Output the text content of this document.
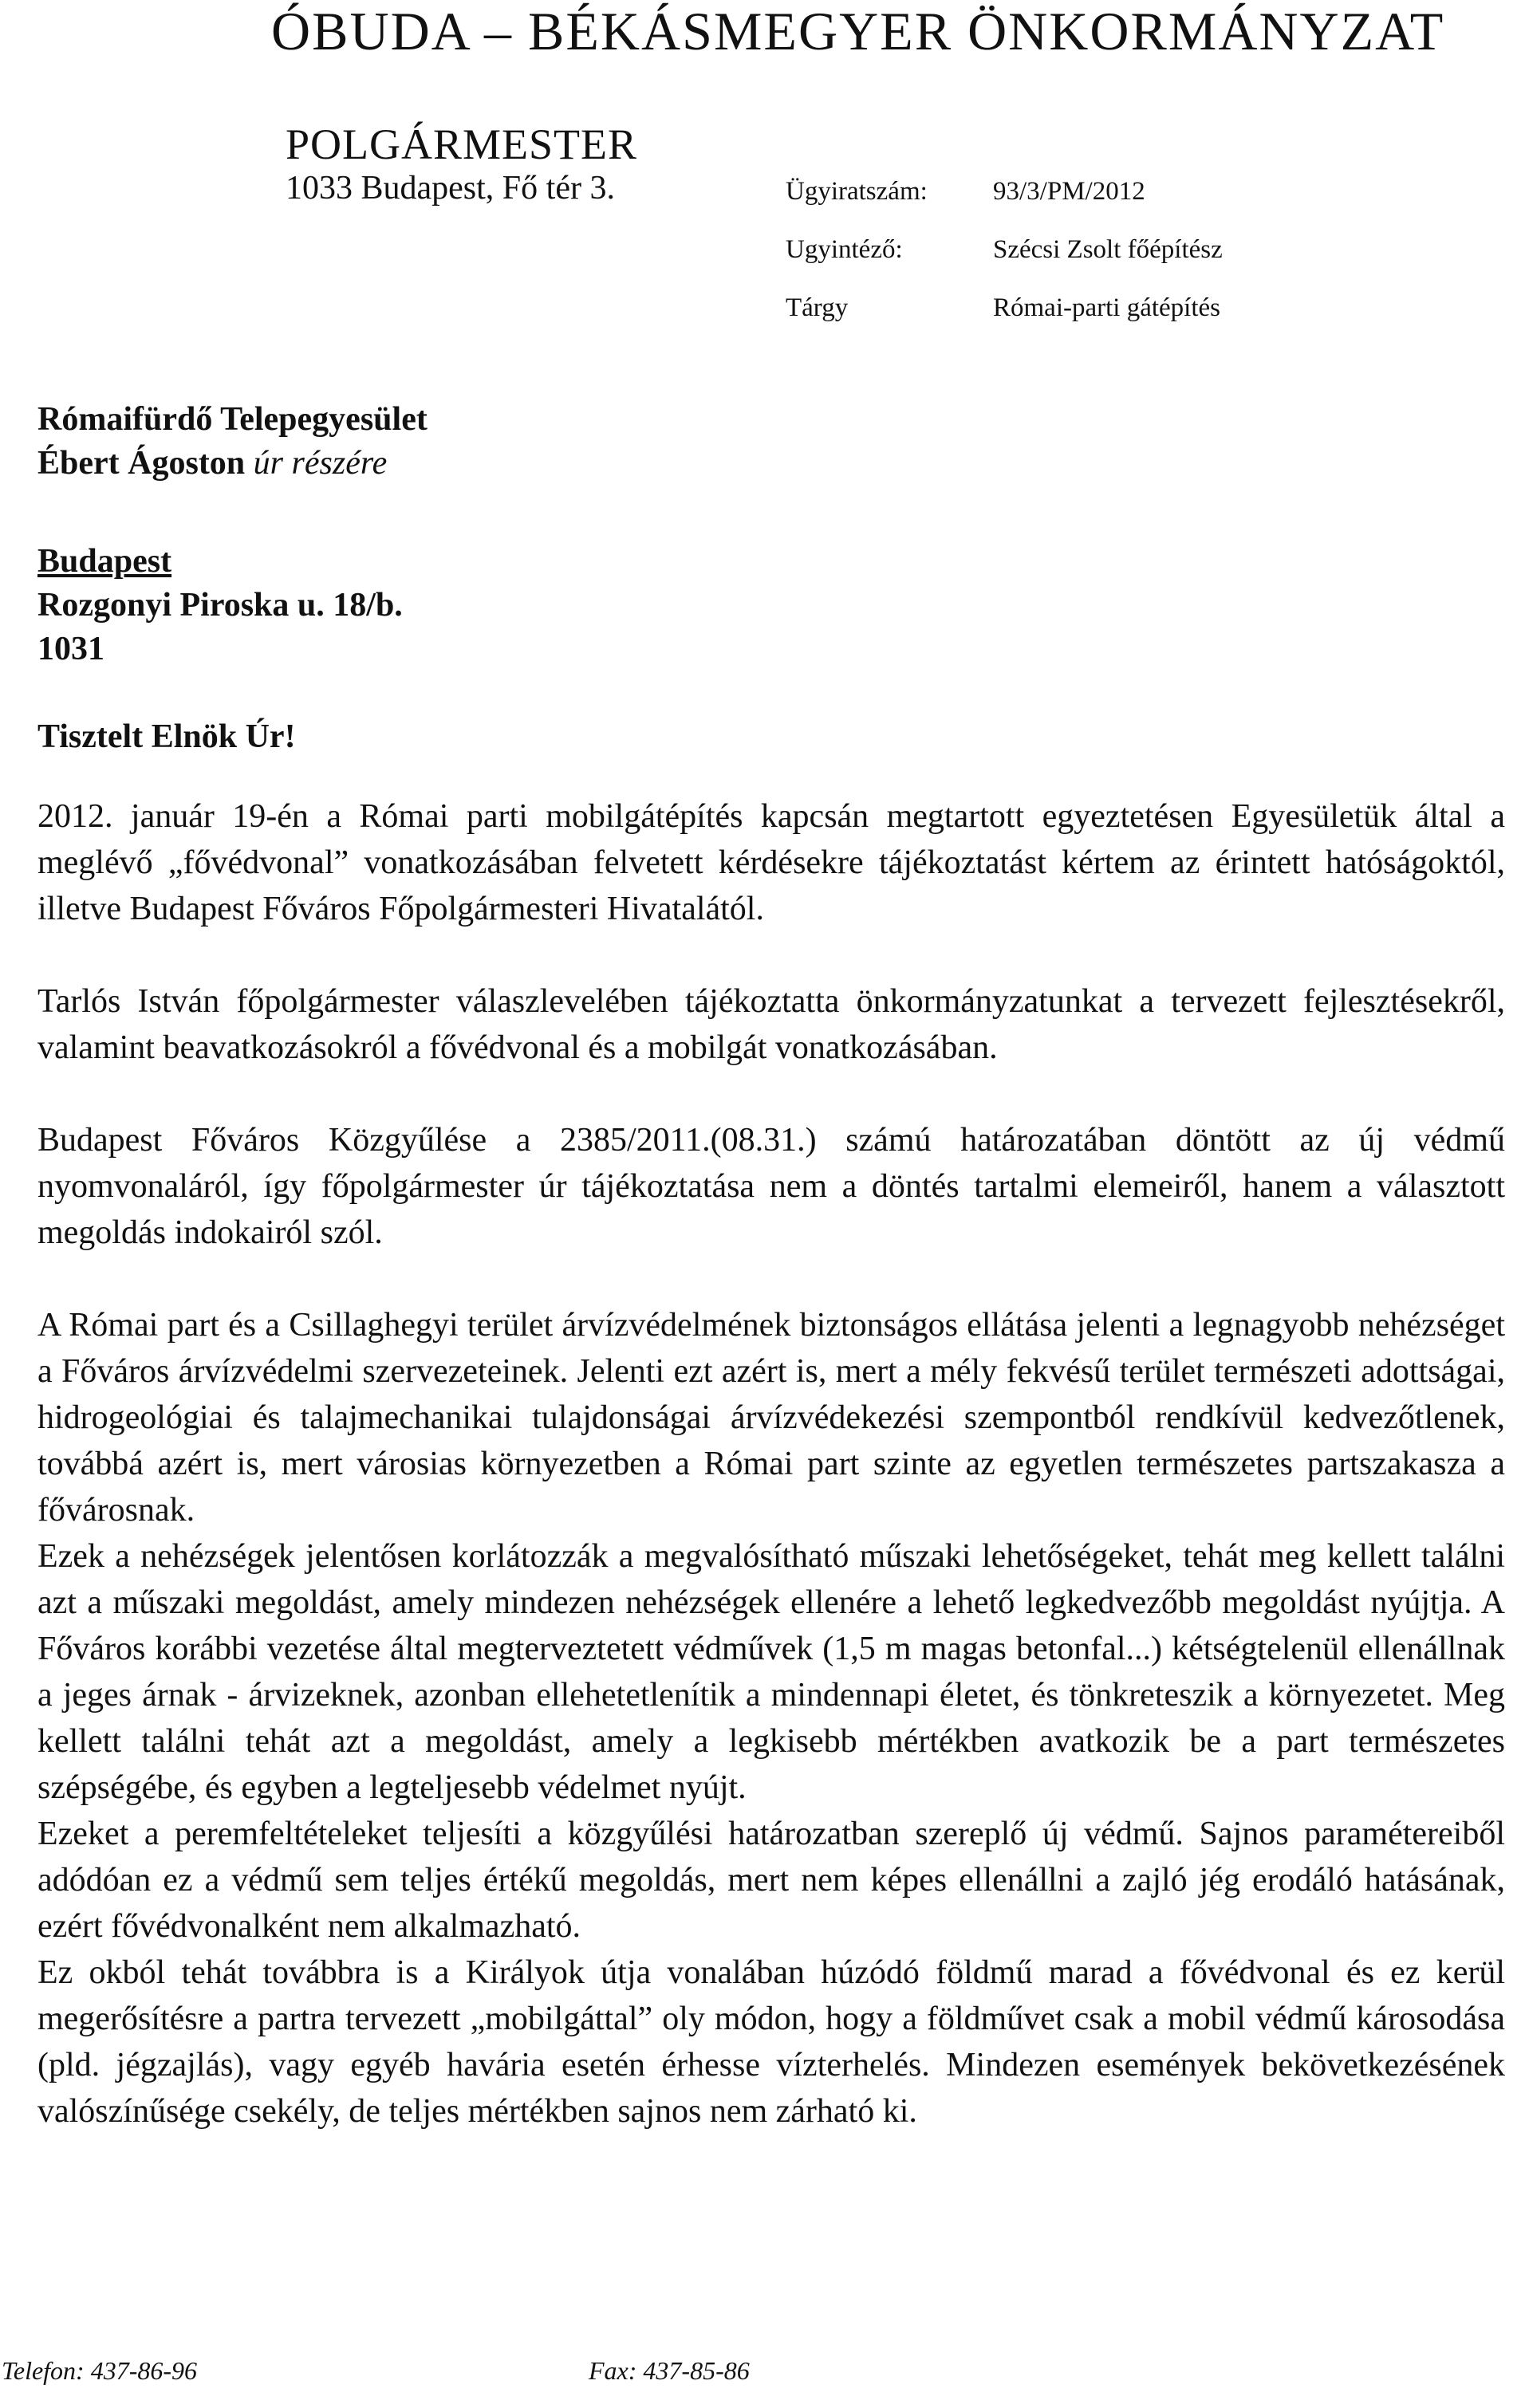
ÓBUDA – BÉKÁSMEGYER ÖNKORMÁNYZAT
POLGÁRMESTER
1033 Budapest, Fő tér 3.	Ügyiratszám: 93/3/PM/2012
Ugyintéző:	Szécsi Zsolt főépítész
Tárgy	Római-parti gátépítés
Rómaifürdő Telepegyesület
Ébert Ágoston úr részére
Budapest
Rozgonyi Piroska u. 18/b.
1031
Tisztelt Elnök Úr!

2012. január 19-én a Római parti mobilgátépítés kapcsán megtartott egyeztetésen Egyesületük által a meglévő „fővédvonal” vonatkozásában felvetett kérdésekre tájékoztatást kértem az érintett hatóságoktól, illetve Budapest Főváros Főpolgármesteri Hivatalától.

Tarlós István főpolgármester válaszlevelében tájékoztatta önkormányzatunkat a tervezett fejlesztésekről, valamint beavatkozásokról a fővédvonal és a mobilgát vonatkozásában.

Budapest Főváros Közgyűlése a 2385/2011.(08.31.) számú határozatában döntött az új védmű nyomvonaláról, így főpolgármester úr tájékoztatása nem a döntés tartalmi elemeiről, hanem a választott megoldás indokairól szól.

A Római part és a Csillaghegyi terület árvízvédelmének biztonságos ellátása jelenti a legnagyobb nehézséget a Főváros árvízvédelmi szervezeteinek. Jelenti ezt azért is, mert a mély fekvésű terület természeti adottságai, hidrogeológiai és talajmechanikai tulajdonságai árvízvédekezési szempontból rendkívül kedvezőtlenek, továbbá azért is, mert városias környezetben a Római part szinte az egyetlen természetes partszakasza a fővárosnak.

Ezek a nehézségek jelentősen korlátozzák a megvalósítható műszaki lehetőségeket, tehát meg kellett találni azt a műszaki megoldást, amely mindezen nehézségek ellenére a lehető legkedvezőbb megoldást nyújtja. A Főváros korábbi vezetése által megterveztetett védművek (1,5 m magas betonfal...) kétségtelenül ellenállnak a jeges árnak - árvizeknek, azonban ellehetetlenítik a mindennapi életet, és tönkreteszik a környezetet. Meg kellett találni tehát azt a megoldást, amely a legkisebb mértékben avatkozik be a part természetes szépségébe, és egyben a legteljesebb védelmet nyújt.

Ezeket a peremfeltételeket teljesíti a közgyűlési határozatban szereplő új védmű. Sajnos paramétereiből adódóan ez a védmű sem teljes értékű megoldás, mert nem képes ellenállni a zajló jég erodáló hatásának, ezért fővédvonalként nem alkalmazható.

Ez okból tehát továbbra is a Királyok útja vonalában húzódó földmű marad a fővédvonal és ez kerül megerősítésre a partra tervezett „mobilgáttal” oly módon, hogy a földművet csak a mobil védmű károsodása (pld. jégzajlás), vagy egyéb havária esetén érhesse vízterhelés. Mindezen események bekövetkezésének valószínűsége csekély, de teljes mértékben sajnos nem zárható ki.

Telefon: 437-86-96	Fax: 437-85-86
